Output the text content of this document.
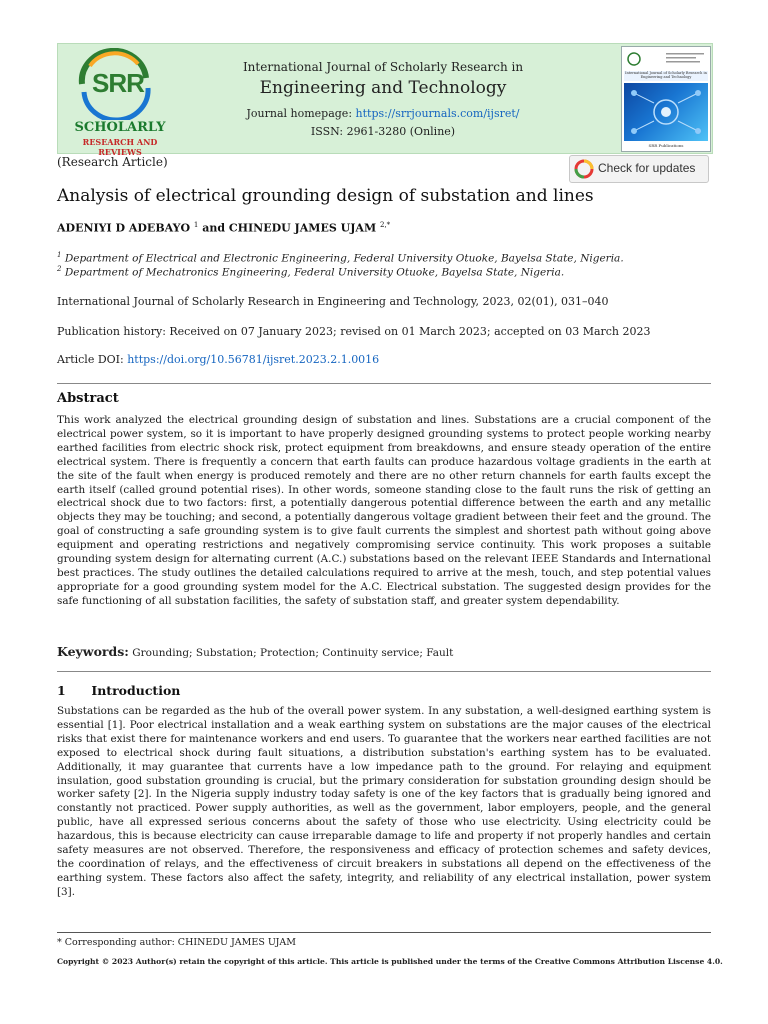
SRR
SCHOLARLY
RESEARCH AND REVIEWS
International Journal of Scholarly Research in
Engineering and Technology
Journal homepage: https://srrjournals.com/ijsret/
ISSN: 2961-3280 (Online)
International Journal of Scholarly Research in Engineering and Technology
SRR Publications
(Research Article)	Check for updates
Analysis of electrical grounding design of substation and lines
ADENIYI D ADEBAYO $^1$ and CHINEDU JAMES UJAM $^{2,*}$
$^1$ Department of Electrical and Electronic Engineering, Federal University Otuoke, Bayelsa State, Nigeria.
$^2$ Department of Mechatronics Engineering, Federal University Otuoke, Bayelsa State, Nigeria.
International Journal of Scholarly Research in Engineering and Technology, 2023, 02(01), 031–040
Publication history: Received on 07 January 2023; revised on 01 March 2023; accepted on 03 March 2023
Article DOI: https://doi.org/10.56781/ijsret.2023.2.1.0016
Abstract

This work analyzed the electrical grounding design of substation and lines. Substations are a crucial component of the electrical power system, so it is important to have properly designed grounding systems to protect people working nearby earthed facilities from electric shock risk, protect equipment from breakdowns, and ensure steady operation of the entire electrical system. There is frequently a concern that earth faults can produce hazardous voltage gradients in the earth at the site of the fault when energy is produced remotely and there are no other return channels for earth faults except the earth itself (called ground potential rises). In other words, someone standing close to the fault runs the risk of getting an electrical shock due to two factors: first, a potentially dangerous potential difference between the earth and any metallic objects they may be touching; and second, a potentially dangerous voltage gradient between their feet and the ground. The goal of constructing a safe grounding system is to give fault currents the simplest and shortest path without going above equipment and operating restrictions and negatively compromising service continuity. This work proposes a suitable grounding system design for alternating current (A.C.) substations based on the relevant IEEE Standards and International best practices. The study outlines the detailed calculations required to arrive at the mesh, touch, and step potential values appropriate for a good grounding system model for the A.C. Electrical substation. The suggested design provides for the safe functioning of all substation facilities, the safety of substation staff, and greater system dependability.

Keywords: Grounding; Substation; Protection; Continuity service; Fault
1 Introduction

Substations can be regarded as the hub of the overall power system. In any substation, a well-designed earthing system is essential [1]. Poor electrical installation and a weak earthing system on substations are the major causes of the electrical risks that exist there for maintenance workers and end users. To guarantee that the workers near earthed facilities are not exposed to electrical shock during fault situations, a distribution substation's earthing system has to be evaluated. Additionally, it may guarantee that currents have a low impedance path to the ground. For relaying and equipment insulation, good substation grounding is crucial, but the primary consideration for substation grounding design should be worker safety [2]. In the Nigeria supply industry today safety is one of the key factors that is gradually being ignored and constantly not practiced. Power supply authorities, as well as the government, labor employers, people, and the general public, have all expressed serious concerns about the safety of those who use electricity. Using electricity could be hazardous, this is because electricity can cause irreparable damage to life and property if not properly handles and certain safety measures are not observed. Therefore, the responsiveness and efficacy of protection schemes and safety devices, the coordination of relays, and the effectiveness of circuit breakers in substations all depend on the effectiveness of the earthing system. These factors also affect the safety, integrity, and reliability of any electrical installation, power system [3].

* Corresponding author: CHINEDU JAMES UJAM
Copyright © 2023 Author(s) retain the copyright of this article. This article is published under the terms of the Creative Commons Attribution Liscense 4.0.
